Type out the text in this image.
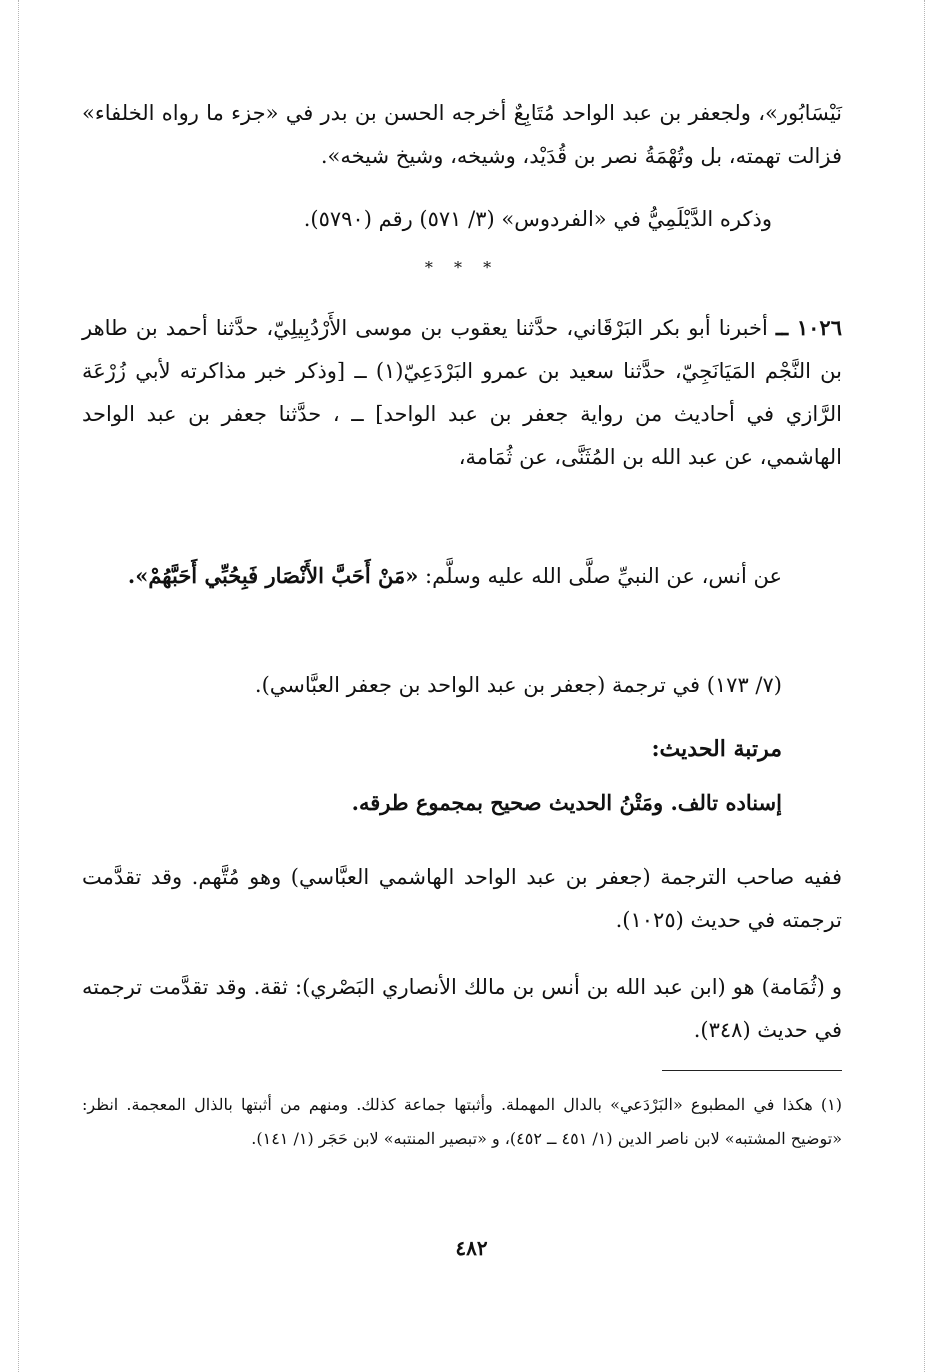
نَيْسَابُور»، ولجعفر بن عبد الواحد مُتَابِعٌ أخرجه الحسن بن بدر في «جزء ما رواه الخلفاء» فزالت تهمته، بل وتُهْمَةُ نصر بن قُدَيْد، وشيخه، وشيخ شيخه».

وذكره الدَّيْلَمِيُّ في «الفردوس» (٣/ ٥٧١) رقم (٥٧٩٠).

* * *

١٠٢٦ ــ أخبرنا أبو بكر البَرْقَاني، حدَّثنا يعقوب بن موسى الأَرْدُبِيلِيّ، حدَّثنا أحمد بن طاهر بن النَّجْم المَيَانَجِيّ، حدَّثنا سعيد بن عمرو البَرْدَعِيّ(١) ــ [وذكر خبر مذاكرته لأبي زُرْعَة الرَّازي في أحاديث من رواية جعفر بن عبد الواحد] ــ ، حدَّثنا جعفر بن عبد الواحد الهاشمي، عن عبد الله بن المُثَنَّى، عن ثُمَامة،

عن أنس، عن النبيِّ صلَّى الله عليه وسلَّم: «مَنْ أَحَبَّ الأَنْصَار فَبِحُبِّي أَحَبَّهُمْ».

(٧/ ١٧٣) في ترجمة (جعفر بن عبد الواحد بن جعفر العبَّاسي).

مرتبة الحديث:
إسناده تالف. ومَتْنُ الحديث صحيح بمجموع طرقه.

ففيه صاحب الترجمة (جعفر بن عبد الواحد الهاشمي العبَّاسي) وهو مُتَّهم. وقد تقدَّمت ترجمته في حديث (١٠٢٥).

و (ثُمَامة) هو (ابن عبد الله بن أنس بن مالك الأنصاري البَصْري): ثقة. وقد تقدَّمت ترجمته في حديث (٣٤٨).

(١) هكذا في المطبوع «البَرْدَعي» بالدال المهملة. وأثبتها جماعة كذلك. ومنهم من أثبتها بالذال المعجمة. انظر: «توضيح المشتبه» لابن ناصر الدين (١/ ٤٥١ ــ ٤٥٢)، و «تبصير المنتبه» لابن حَجَر (١/ ١٤١).
٤٨٢
